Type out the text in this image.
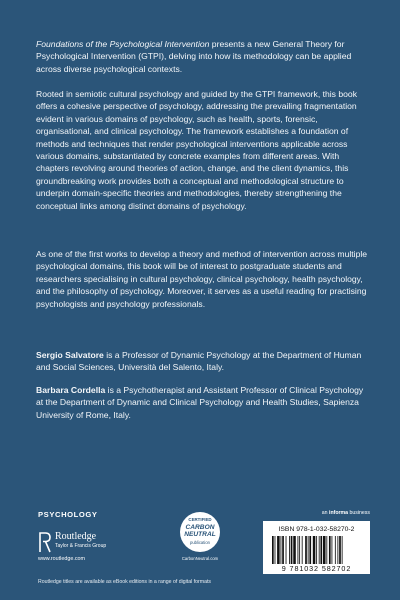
Foundations of the Psychological Intervention presents a new General Theory for Psychological Intervention (GTPI), delving into how its methodology can be applied across diverse psychological contexts.

Rooted in semiotic cultural psychology and guided by the GTPI framework, this book offers a cohesive perspective of psychology, addressing the prevailing fragmentation evident in various domains of psychology, such as health, sports, forensic, organisational, and clinical psychology. The framework establishes a foundation of methods and techniques that render psychological interventions applicable across various domains, substantiated by concrete examples from different areas. With chapters revolving around theories of action, change, and the client dynamics, this groundbreaking work provides both a conceptual and methodological structure to underpin domain-specific theories and methodologies, thereby strengthening the conceptual links among distinct domains of psychology.

As one of the first works to develop a theory and method of intervention across multiple psychological domains, this book will be of interest to postgraduate students and researchers specialising in cultural psychology, clinical psychology, health psychology, and the philosophy of psychology. Moreover, it serves as a useful reading for practising psychologists and psychology professionals.

Sergio Salvatore is a Professor of Dynamic Psychology at the Department of Human and Social Sciences, Università del Salento, Italy.

Barbara Cordella is a Psychotherapist and Assistant Professor of Clinical Psychology at the Department of Dynamic and Clinical Psychology and Health Studies, Sapienza University of Rome, Italy.

PSYCHOLOGY
Routledge
Taylor & Francis Group
www.routledge.com
CERTIFIED
CARBON
NEUTRAL
publication
CarbonNeutral.com
an informa business
ISBN 978-1-032-58270-2
9 781032 582702
Routledge titles are available as eBook editions in a range of digital formats
